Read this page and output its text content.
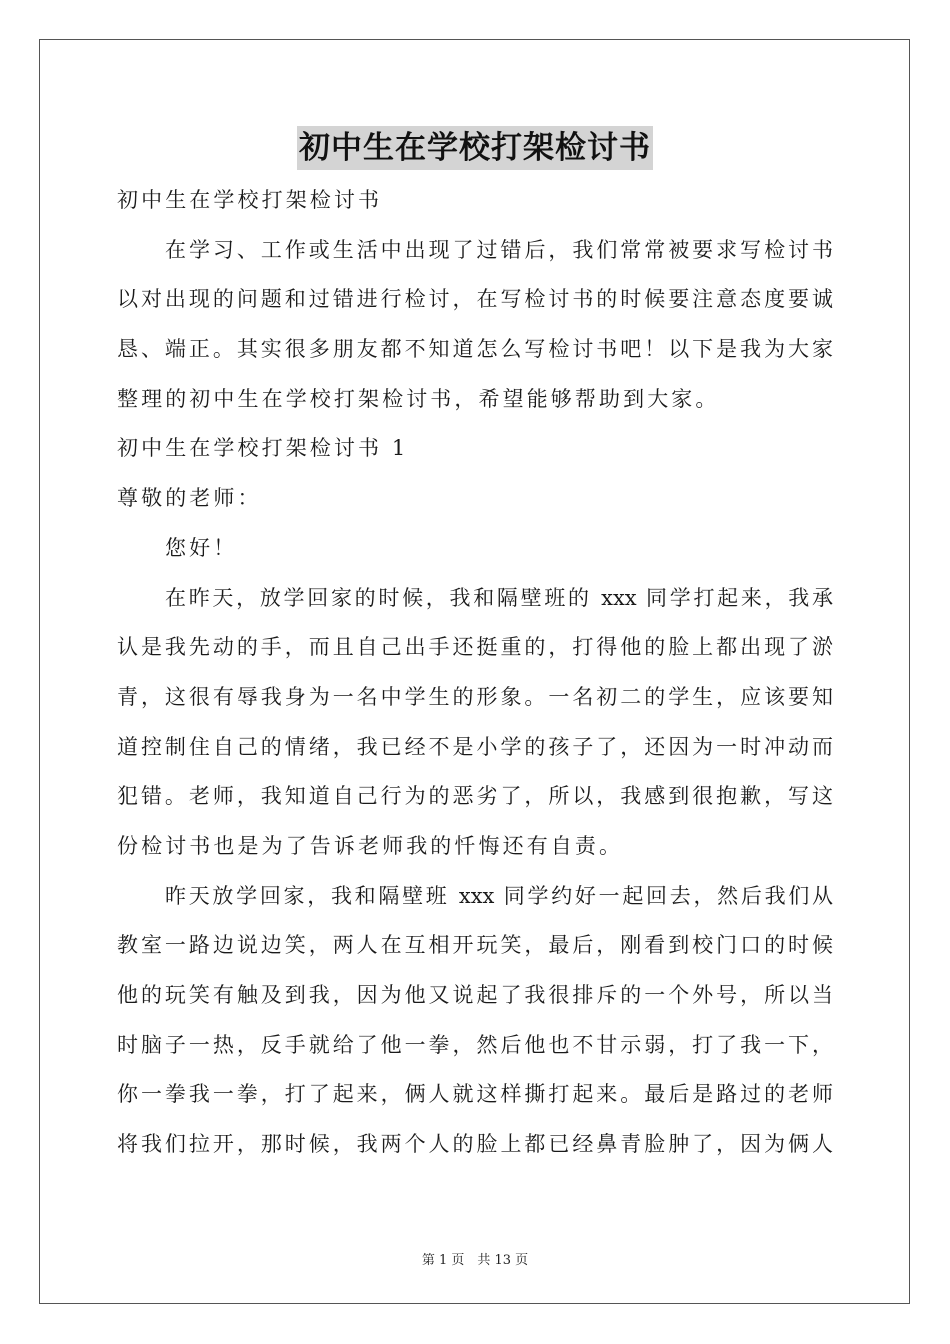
初中生在学校打架检讨书
初中生在学校打架检讨书
在学习、工作或生活中出现了过错后，我们常常被要求写检讨书
以对出现的问题和过错进行检讨，在写检讨书的时候要注意态度要诚
恳、端正。其实很多朋友都不知道怎么写检讨书吧！以下是我为大家
整理的初中生在学校打架检讨书，希望能够帮助到大家。
初中生在学校打架检讨书 1
尊敬的老师：
您好！
在昨天，放学回家的时候，我和隔壁班的 xxx 同学打起来，我承
认是我先动的手，而且自己出手还挺重的，打得他的脸上都出现了淤
青，这很有辱我身为一名中学生的形象。一名初二的学生，应该要知
道控制住自己的情绪，我已经不是小学的孩子了，还因为一时冲动而
犯错。老师，我知道自己行为的恶劣了，所以，我感到很抱歉，写这
份检讨书也是为了告诉老师我的忏悔还有自责。
昨天放学回家，我和隔壁班 xxx 同学约好一起回去，然后我们从
教室一路边说边笑，两人在互相开玩笑，最后，刚看到校门口的时候
他的玩笑有触及到我，因为他又说起了我很排斥的一个外号，所以当
时脑子一热，反手就给了他一拳，然后他也不甘示弱，打了我一下，
你一拳我一拳，打了起来，俩人就这样撕打起来。最后是路过的老师
将我们拉开，那时候，我两个人的脸上都已经鼻青脸肿了，因为俩人
第 1 页　共 13 页
